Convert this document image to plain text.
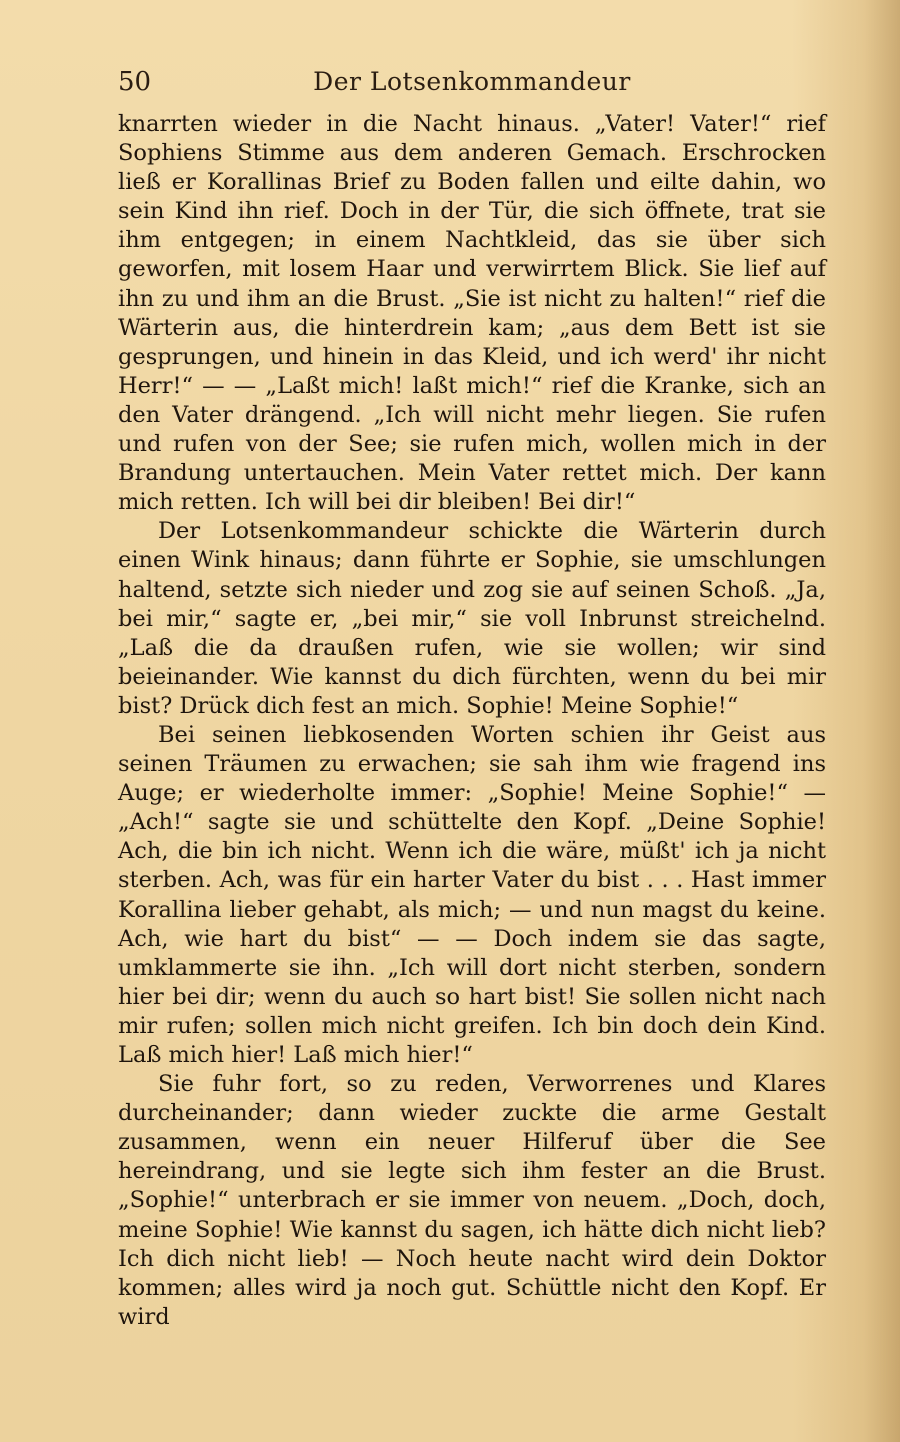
50	Der Lotsenkommandeur

knarrten wieder in die Nacht hinaus. „Vater! Vater!“ rief Sophiens Stimme aus dem anderen Gemach. Erschrocken ließ er Korallinas Brief zu Boden fallen und eilte dahin, wo sein Kind ihn rief. Doch in der Tür, die sich öffnete, trat sie ihm entgegen; in einem Nachtkleid, das sie über sich geworfen, mit losem Haar und verwirrtem Blick. Sie lief auf ihn zu und ihm an die Brust. „Sie ist nicht zu halten!“ rief die Wärterin aus, die hinterdrein kam; „aus dem Bett ist sie gesprungen, und hinein in das Kleid, und ich werd' ihr nicht Herr!“ — — „Laßt mich! laßt mich!“ rief die Kranke, sich an den Vater drängend. „Ich will nicht mehr liegen. Sie rufen und rufen von der See; sie rufen mich, wollen mich in der Brandung untertauchen. Mein Vater rettet mich. Der kann mich retten. Ich will bei dir bleiben! Bei dir!“

Der Lotsenkommandeur schickte die Wärterin durch einen Wink hinaus; dann führte er Sophie, sie umschlungen haltend, setzte sich nieder und zog sie auf seinen Schoß. „Ja, bei mir,“ sagte er, „bei mir,“ sie voll Inbrunst streichelnd. „Laß die da draußen rufen, wie sie wollen; wir sind beieinander. Wie kannst du dich fürchten, wenn du bei mir bist? Drück dich fest an mich. Sophie! Meine Sophie!“

Bei seinen liebkosenden Worten schien ihr Geist aus seinen Träumen zu erwachen; sie sah ihm wie fragend ins Auge; er wiederholte immer: „Sophie! Meine Sophie!“ — „Ach!“ sagte sie und schüttelte den Kopf. „Deine Sophie! Ach, die bin ich nicht. Wenn ich die wäre, müßt' ich ja nicht sterben. Ach, was für ein harter Vater du bist . . . Hast immer Korallina lieber gehabt, als mich; — und nun magst du keine. Ach, wie hart du bist“ — — Doch indem sie das sagte, umklammerte sie ihn. „Ich will dort nicht sterben, sondern hier bei dir; wenn du auch so hart bist! Sie sollen nicht nach mir rufen; sollen mich nicht greifen. Ich bin doch dein Kind. Laß mich hier! Laß mich hier!“

Sie fuhr fort, so zu reden, Verworrenes und Klares durcheinander; dann wieder zuckte die arme Gestalt zusammen, wenn ein neuer Hilferuf über die See hereindrang, und sie legte sich ihm fester an die Brust. „Sophie!“ unterbrach er sie immer von neuem. „Doch, doch, meine Sophie! Wie kannst du sagen, ich hätte dich nicht lieb? Ich dich nicht lieb! — Noch heute nacht wird dein Doktor kommen; alles wird ja noch gut. Schüttle nicht den Kopf. Er wird
